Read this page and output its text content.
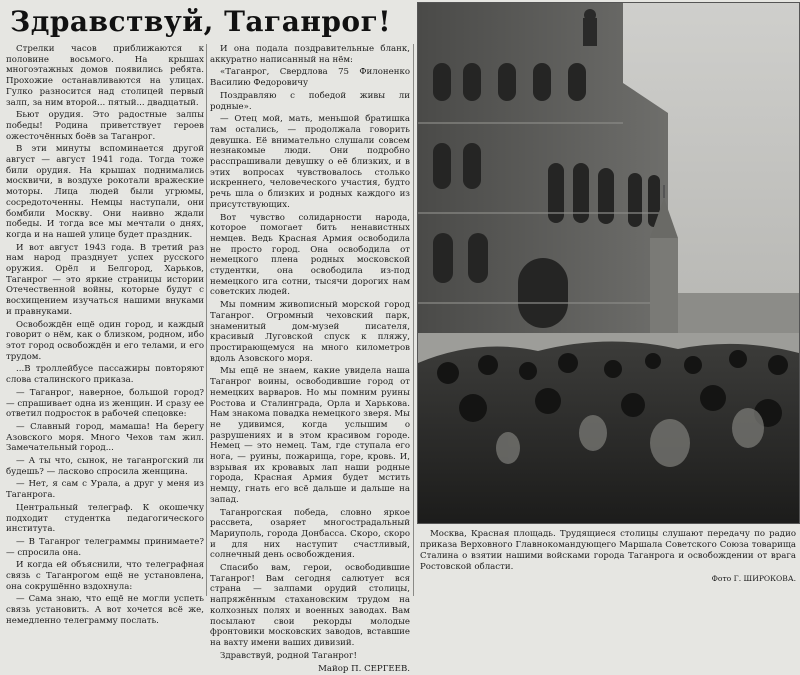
Здравствуй, Таганрог!

Стрелки часов приближаются к половине восьмого. На крышах многоэтажных домов появились ребята. Прохожие останавливаются на улицах. Гулко разносится над столицей первый залп, за ним второй... пятый... двадцатый.

Бьют орудия. Это радостные залпы победы! Родина приветствует героев ожесточённых боёв за Таганрог.

В эти минуты вспоминается другой август — август 1941 года. Тогда тоже били орудия. На крышах поднимались москвичи, в воздухе рокотали вражеские моторы. Лица людей были угрюмы, сосредоточенны. Немцы наступали, они бомбили Москву. Они наивно ждали победы. И тогда все мы мечтали о днях, когда и на нашей улице будет праздник.

И вот август 1943 года. В третий раз нам народ празднует успех русского оружия. Орёл и Белгород, Харьков, Таганрог — это яркие страницы истории Отечественной войны, которые будут с восхищением изучаться нашими внуками и правнуками.

Освобождён ещё один город, и каждый говорит о нём, как о близком, родном, ибо этот город освобождён и его телами, и его трудом.

...В троллейбусе пассажиры повторяют слова сталинского приказа.

— Таганрог, наверное, большой город? — спрашивает одна из женщин. И сразу ее ответил подросток в рабочей спецовке:

— Славный город, мамаша! На берегу Азовского моря. Много Чехов там жил. Замечательный город...

— А ты что, сынок, не таганрогский ли будешь? — ласково спросила женщина.

— Нет, я сам с Урала, а друг у меня из Таганрога.

Центральный телеграф. К окошечку подходит студентка педагогического института.

— В Таганрог телеграммы принимаете? — спросила она.

И когда ей объяснили, что телеграфная связь с Таганрогом ещё не установлена, она сокрушённо вздохнула:

— Сама знаю, что ещё не могли успеть связь установить. А вот хочется всё же, немедленно телеграмму послать.

И она подала поздравительные бланк, аккуратно написанный на нём:

«Таганрог, Свердлова 75 Филоненко Василию Федоровичу

Поздравляю с победой живы ли родные».

— Отец мой, мать, меньшой братишка там остались, — продолжала говорить девушка. Её внимательно слушали совсем незнакомые люди. Они подробно расспрашивали девушку о её близких, и в этих вопросах чувствовалось столько искреннего, человеческого участия, будто речь шла о близких и родных каждого из присутствующих.

Вот чувство солидарности народа, которое помогает бить ненавистных немцев. Ведь Красная Армия освободила не просто город. Она освободила от немецкого плена родных московской студентки, она освободила из-под немецкого ига сотни, тысячи дорогих нам советских людей.

Мы помним живописный морской город Таганрог. Огромный чеховский парк, знаменитый дом-музей писателя, красивый Луговской спуск к пляжу, простирающемуся на много километров вдоль Азовского моря.

Мы ещё не знаем, какие увидела наша Таганрог воины, освободившие город от немецких варваров. Но мы помним руины Ростова и Сталинграда, Орла и Харькова. Нам знакома повадка немецкого зверя. Мы не удивимся, когда услышим о разрушениях и в этом красивом городе. Немец — это немец. Там, где ступала его нога, — руины, пожарища, горе, кровь. И, взрывая их кровавых лап наши родные города, Красная Армия будет мстить немцу, гнать его всё дальше и дальше на запад.

Таганрогская победа, словно яркое рассвета, озаряет многострадальный Мариуполь, города Донбасса. Скоро, скоро и для них наступит счастливый, солнечный день освобождения.

Спасибо вам, герои, освободившие Таганрог! Вам сегодня салютует вся страна — залпами орудий столицы, напряжённым стахановским трудом на колхозных полях и военных заводах. Вам посылают свои рекорды молодые фронтовики московских заводов, вставшие на вахту имени ваших дивизий.

Здравствуй, родной Таганрог!

Майор П. СЕРГЕЕВ.

Москва, Красная площадь. Трудящиеся столицы слушают передачу по радио приказа Верховного Главнокомандующего Маршала Советского Союза товарища Сталина о взятии нашими войсками города Таганрога и освобождении от врага Ростовской области.
Фото Г. ШИРОКОВА.
